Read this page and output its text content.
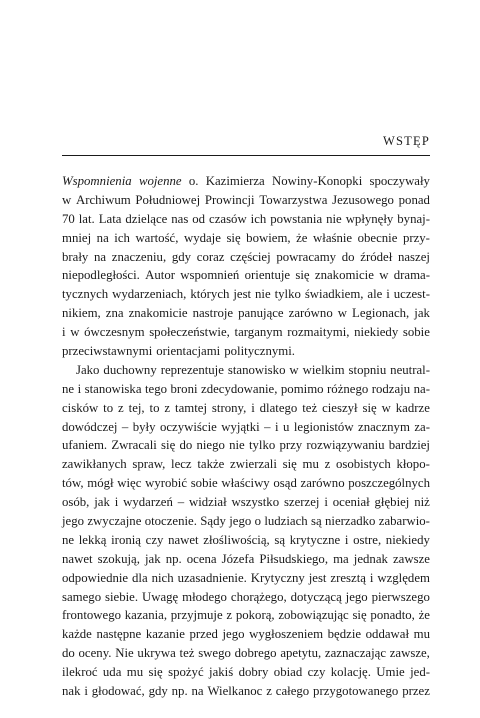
WSTĘP
Wspomnienia wojenne o. Kazimierza Nowiny-Konopki spoczywały
w Archiwum Południowej Prowincji Towarzystwa Jezusowego ponad
70 lat. Lata dzielące nas od czasów ich powstania nie wpłynęły bynaj-
mniej na ich wartość, wydaje się bowiem, że właśnie obecnie przy-
brały na znaczeniu, gdy coraz częściej powracamy do źródeł naszej
niepodległości. Autor wspomnień orientuje się znakomicie w drama-
tycznych wydarzeniach, których jest nie tylko świadkiem, ale i uczest-
nikiem, zna znakomicie nastroje panujące zarówno w Legionach, jak
i w ówczesnym społeczeństwie, targanym rozmaitymi, niekiedy sobie
przeciwstawnymi orientacjami politycznymi.
Jako duchowny reprezentuje stanowisko w wielkim stopniu neutral-
ne i stanowiska tego broni zdecydowanie, pomimo różnego rodzaju na-
cisków to z tej, to z tamtej strony, i dlatego też cieszył się w kadrze
dowódczej – były oczywiście wyjątki – i u legionistów znacznym za-
ufaniem. Zwracali się do niego nie tylko przy rozwiązywaniu bardziej
zawikłanych spraw, lecz także zwierzali się mu z osobistych kłopo-
tów, mógł więc wyrobić sobie właściwy osąd zarówno poszczególnych
osób, jak i wydarzeń – widział wszystko szerzej i oceniał głębiej niż
jego zwyczajne otoczenie. Sądy jego o ludziach są nierzadko zabarwio-
ne lekką ironią czy nawet złośliwością, są krytyczne i ostre, niekiedy
nawet szokują, jak np. ocena Józefa Piłsudskiego, ma jednak zawsze
odpowiednie dla nich uzasadnienie. Krytyczny jest zresztą i względem
samego siebie. Uwagę młodego chorążego, dotyczącą jego pierwszego
frontowego kazania, przyjmuje z pokorą, zobowiązując się ponadto, że
każde następne kazanie przed jego wygłoszeniem będzie oddawał mu
do oceny. Nie ukrywa też swego dobrego apetytu, zaznaczając zawsze,
ilekroć uda mu się spożyć jakiś dobry obiad czy kolację. Umie jed-
nak i głodować, gdy np. na Wielkanoc z całego przygotowanego przez
